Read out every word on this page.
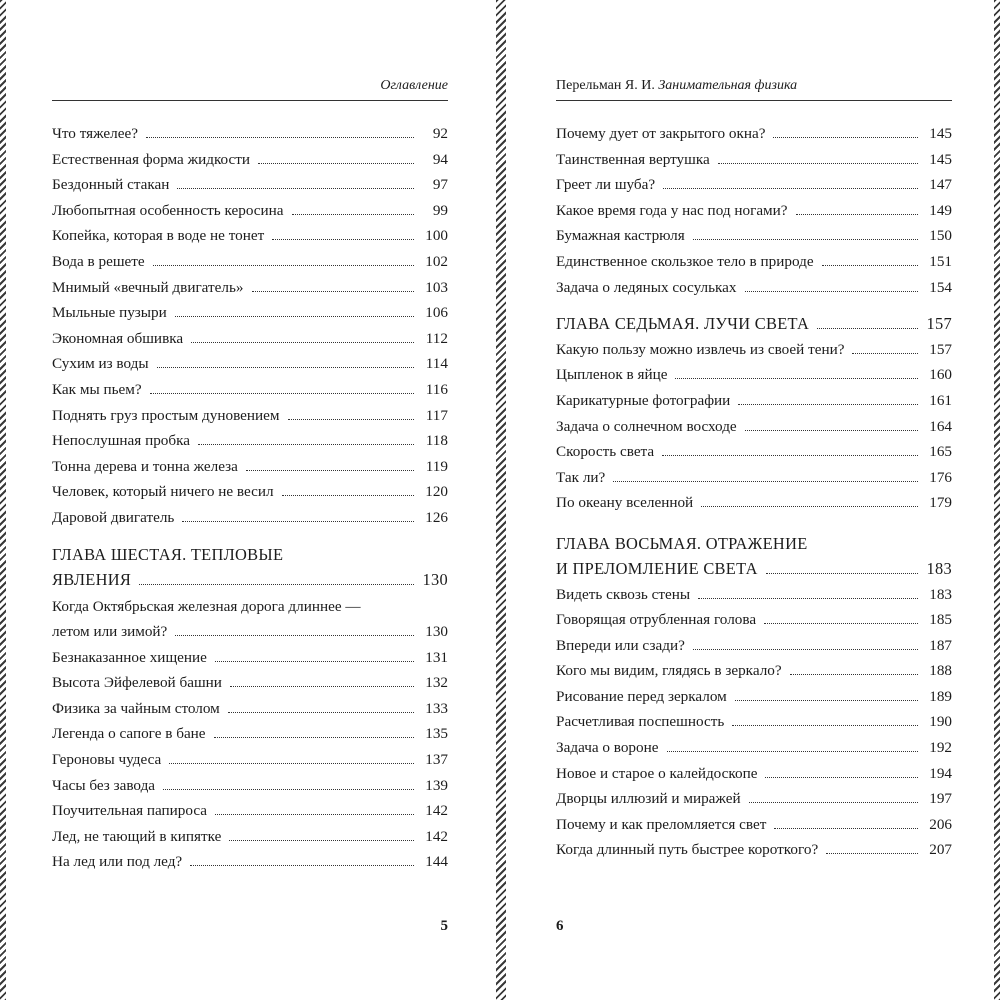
Оглавление
Что тяжелее?	92
Естественная форма жидкости	94
Бездонный стакан	97
Любопытная особенность керосина	99
Копейка, которая в воде не тонет	100
Вода в решете	102
Мнимый «вечный двигатель»	103
Мыльные пузыри	106
Экономная обшивка	112
Сухим из воды	114
Как мы пьем?	116
Поднять груз простым дуновением	117
Непослушная пробка	118
Тонна дерева и тонна железа	119
Человек, который ничего не весил	120
Даровой двигатель	126
ГЛАВА ШЕСТАЯ. ТЕПЛОВЫЕ
ЯВЛЕНИЯ	130
Когда Октябрьская железная дорога длиннее —
летом или зимой?	130
Безнаказанное хищение	131
Высота Эйфелевой башни	132
Физика за чайным столом	133
Легенда о сапоге в бане	135
Героновы чудеса	137
Часы без завода	139
Поучительная папироса	142
Лед, не тающий в кипятке	142
На лед или под лед?	144
5
Перельман Я. И. Занимательная физика
Почему дует от закрытого окна?	145
Таинственная вертушка	145
Греет ли шуба?	147
Какое время года у нас под ногами?	149
Бумажная кастрюля	150
Единственное скользкое тело в природе	151
Задача о ледяных сосульках	154
ГЛАВА СЕДЬМАЯ. ЛУЧИ СВЕТА	157
Какую пользу можно извлечь из своей тени?	157
Цыпленок в яйце	160
Карикатурные фотографии	161
Задача о солнечном восходе	164
Скорость света	165
Так ли?	176
По океану вселенной	179
ГЛАВА ВОСЬМАЯ. ОТРАЖЕНИЕ
И ПРЕЛОМЛЕНИЕ СВЕТА	183
Видеть сквозь стены	183
Говорящая отрубленная голова	185
Впереди или сзади?	187
Кого мы видим, глядясь в зеркало?	188
Рисование перед зеркалом	189
Расчетливая поспешность	190
Задача о вороне	192
Новое и старое о калейдоскопе	194
Дворцы иллюзий и миражей	197
Почему и как преломляется свет	206
Когда длинный путь быстрее короткого?	207
6
